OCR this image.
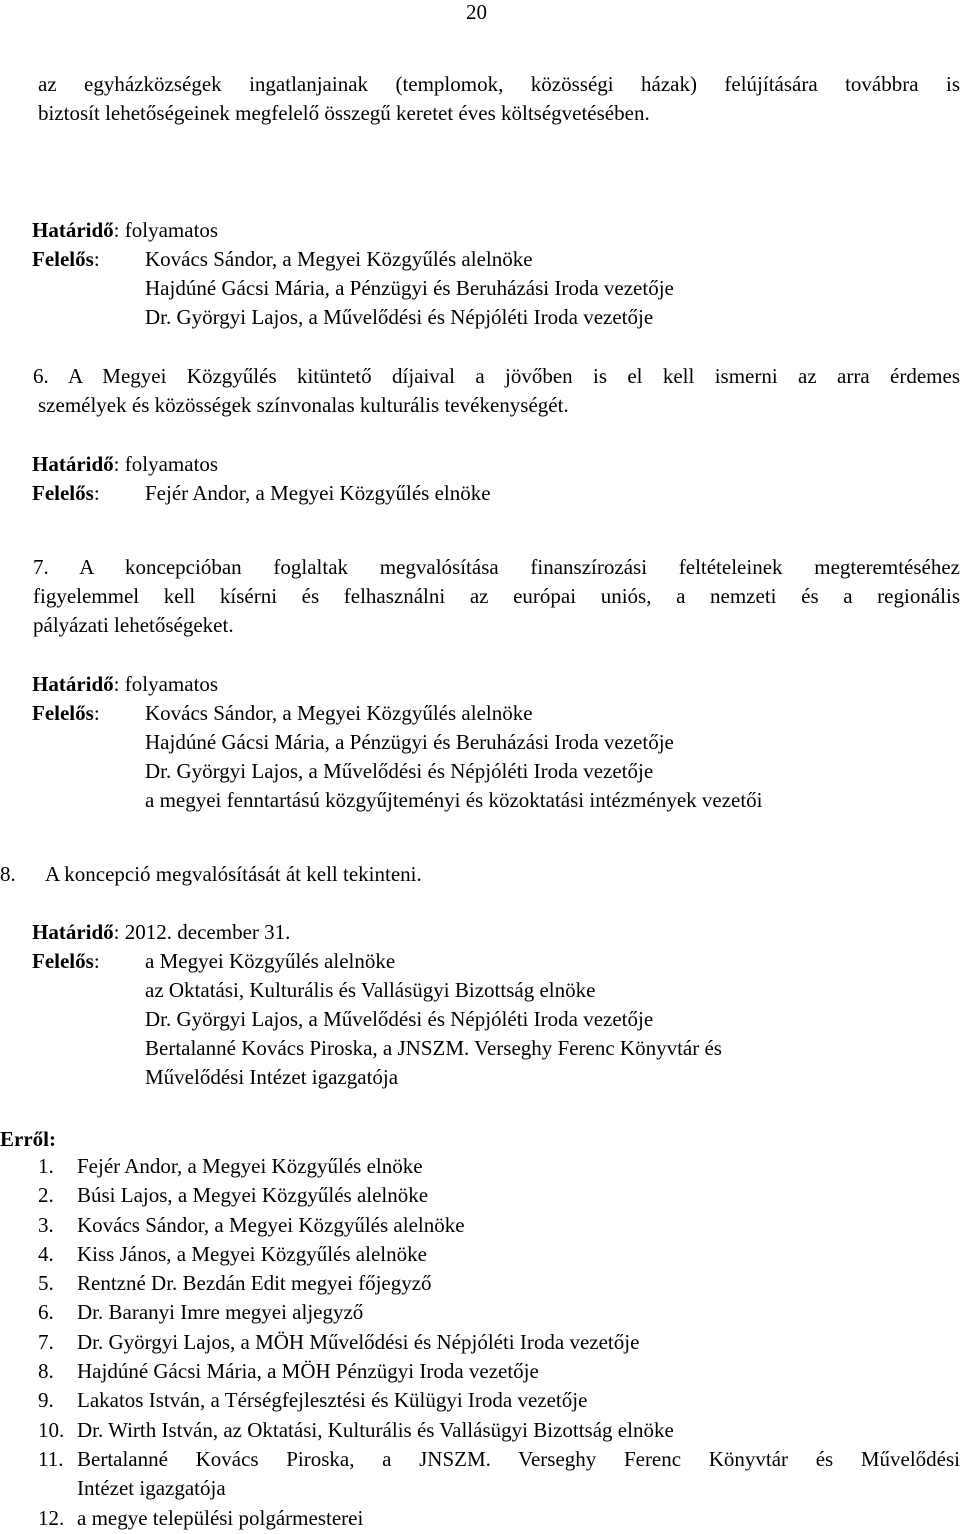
20
az egyházközségek ingatlanjainak (templomok, közösségi házak) felújítására továbbra is
biztosít lehetőségeinek megfelelő összegű keretet éves költségvetésében.
Határidő: folyamatos
Felelős:	Kovács Sándor, a Megyei Közgyűlés alelnöke
Hajdúné Gácsi Mária, a Pénzügyi és Beruházási Iroda vezetője
Dr. Györgyi Lajos, a Művelődési és Népjóléti Iroda vezetője
6. A Megyei Közgyűlés kitüntető díjaival a jövőben is el kell ismerni az arra érdemes
személyek és közösségek színvonalas kulturális tevékenységét.
Határidő: folyamatos
Felelős:	Fejér Andor, a Megyei Közgyűlés elnöke
7. A koncepcióban foglaltak megvalósítása finanszírozási feltételeinek megteremtéséhez
figyelemmel kell kísérni és felhasználni az európai uniós, a nemzeti és a regionális
pályázati lehetőségeket.
Határidő: folyamatos
Felelős:	Kovács Sándor, a Megyei Közgyűlés alelnöke
Hajdúné Gácsi Mária, a Pénzügyi és Beruházási Iroda vezetője
Dr. Györgyi Lajos, a Művelődési és Népjóléti Iroda vezetője
a megyei fenntartású közgyűjteményi és közoktatási intézmények vezetői
8.	A koncepció megvalósítását át kell tekinteni.
Határidő: 2012. december 31.
Felelős:	a Megyei Közgyűlés alelnöke
az Oktatási, Kulturális és Vallásügyi Bizottság elnöke
Dr. Györgyi Lajos, a Művelődési és Népjóléti Iroda vezetője
Bertalanné Kovács Piroska, a JNSZM. Verseghy Ferenc Könyvtár és
Művelődési Intézet igazgatója
Erről:
1.	Fejér Andor, a Megyei Közgyűlés elnöke
2.	Búsi Lajos, a Megyei Közgyűlés alelnöke
3.	Kovács Sándor, a Megyei Közgyűlés alelnöke
4.	Kiss János, a Megyei Közgyűlés alelnöke
5.	Rentzné Dr. Bezdán Edit megyei főjegyző
6.	Dr. Baranyi Imre megyei aljegyző
7.	Dr. Györgyi Lajos, a MÖH Művelődési és Népjóléti Iroda vezetője
8.	Hajdúné Gácsi Mária, a MÖH Pénzügyi Iroda vezetője
9.	Lakatos István, a Térségfejlesztési és Külügyi Iroda vezetője
10. Dr. Wirth István, az Oktatási, Kulturális és Vallásügyi Bizottság elnöke
11. Bertalanné Kovács Piroska, a JNSZM. Verseghy Ferenc Könyvtár és Művelődési
Intézet igazgatója
12. a megye települési polgármesterei
